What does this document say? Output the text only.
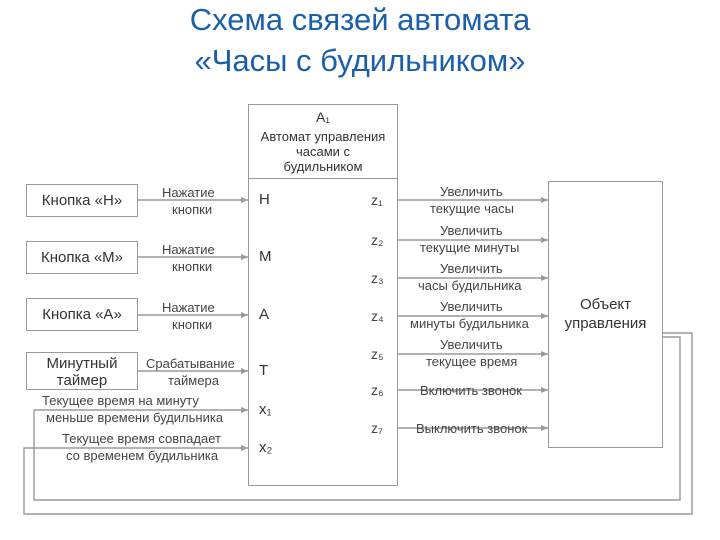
Схема связей автомата
«Часы с будильником»
Кнопка «Н»
Кнопка «М»
Кнопка «А»
Минутный
таймер
Нажатие
кнопки
Нажатие
кнопки
Нажатие
кнопки
Срабатывание
таймера
Текущее время на минуту
меньше времени будильника
Текущее время совпадает
со временем будильника
A₁
Автомат управления
часами с
будильником
H
M
A
T
x₁
x₂
z₁
z₂
z₃
z₄
z₅
z₆
z₇
Увеличить
текущие часы
Увеличить
текущие минуты
Увеличить
часы будильника
Увеличить
минуты будильника
Увеличить
текущее время
Включить звонок
Выключить звонок
Объект
управления
